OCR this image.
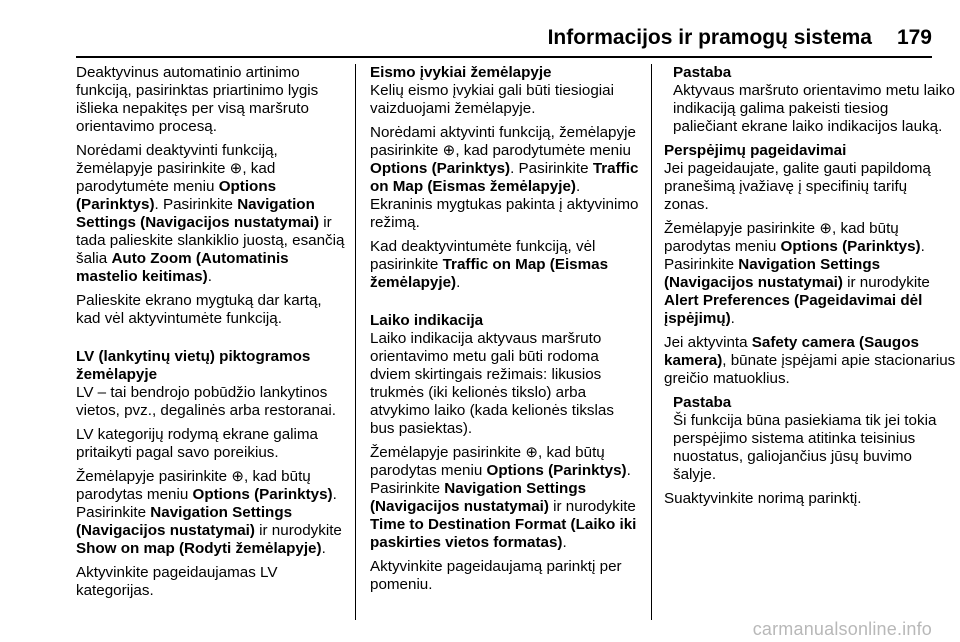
Informacijos ir pramogų sistema 179

Deaktyvinus automatinio artinimo funkciją, pasirinktas priartinimo lygis išlieka nepakitęs per visą maršruto orientavimo procesą.

Norėdami deaktyvinti funkciją, žemėlapyje pasirinkite ⊕, kad parodytumėte meniu Options (Parinktys). Pasirinkite Navigation Settings (Navigacijos nustatymai) ir tada palieskite slankiklio juostą, esančią šalia Auto Zoom (Automatinis mastelio keitimas).

Palieskite ekrano mygtuką dar kartą, kad vėl aktyvintumėte funkciją.

LV (lankytinų vietų) piktogramos žemėlapyje

LV – tai bendrojo pobūdžio lankytinos vietos, pvz., degalinės arba restoranai.

LV kategorijų rodymą ekrane galima pritaikyti pagal savo poreikius.

Žemėlapyje pasirinkite ⊕, kad būtų parodytas meniu Options (Parinktys). Pasirinkite Navigation Settings (Navigacijos nustatymai) ir nurodykite Show on map (Rodyti žemėlapyje).

Aktyvinkite pageidaujamas LV kategorijas.

Eismo įvykiai žemėlapyje

Kelių eismo įvykiai gali būti tiesiogiai vaizduojami žemėlapyje.

Norėdami aktyvinti funkciją, žemėlapyje pasirinkite ⊕, kad parodytumėte meniu Options (Parinktys). Pasirinkite Traffic on Map (Eismas žemėlapyje). Ekraninis mygtukas pakinta į aktyvinimo režimą.

Kad deaktyvintumėte funkciją, vėl pasirinkite Traffic on Map (Eismas žemėlapyje).

Laiko indikacija

Laiko indikacija aktyvaus maršruto orientavimo metu gali būti rodoma dviem skirtingais režimais: likusios trukmės (iki kelionės tikslo) arba atvykimo laiko (kada kelionės tikslas bus pasiektas).

Žemėlapyje pasirinkite ⊕, kad būtų parodytas meniu Options (Parinktys). Pasirinkite Navigation Settings (Navigacijos nustatymai) ir nurodykite Time to Destination Format (Laiko iki paskirties vietos formatas).

Aktyvinkite pageidaujamą parinktį per pomeniu.

Pastaba

Aktyvaus maršruto orientavimo metu laiko indikaciją galima pakeisti tiesiog paliečiant ekrane laiko indikacijos lauką.

Perspėjimų pageidavimai

Jei pageidaujate, galite gauti papildomą pranešimą įvažiavę į specifinių tarifų zonas.

Žemėlapyje pasirinkite ⊕, kad būtų parodytas meniu Options (Parinktys). Pasirinkite Navigation Settings (Navigacijos nustatymai) ir nurodykite Alert Preferences (Pageidavimai dėl įspėjimų).

Jei aktyvinta Safety camera (Saugos kamera), būnate įspėjami apie stacionarius greičio matuoklius.

Pastaba

Ši funkcija būna pasiekiama tik jei tokia perspėjimo sistema atitinka teisinius nuostatus, galiojančius jūsų buvimo šalyje.

Suaktyvinkite norimą parinktį.

carmanualsonline.info
